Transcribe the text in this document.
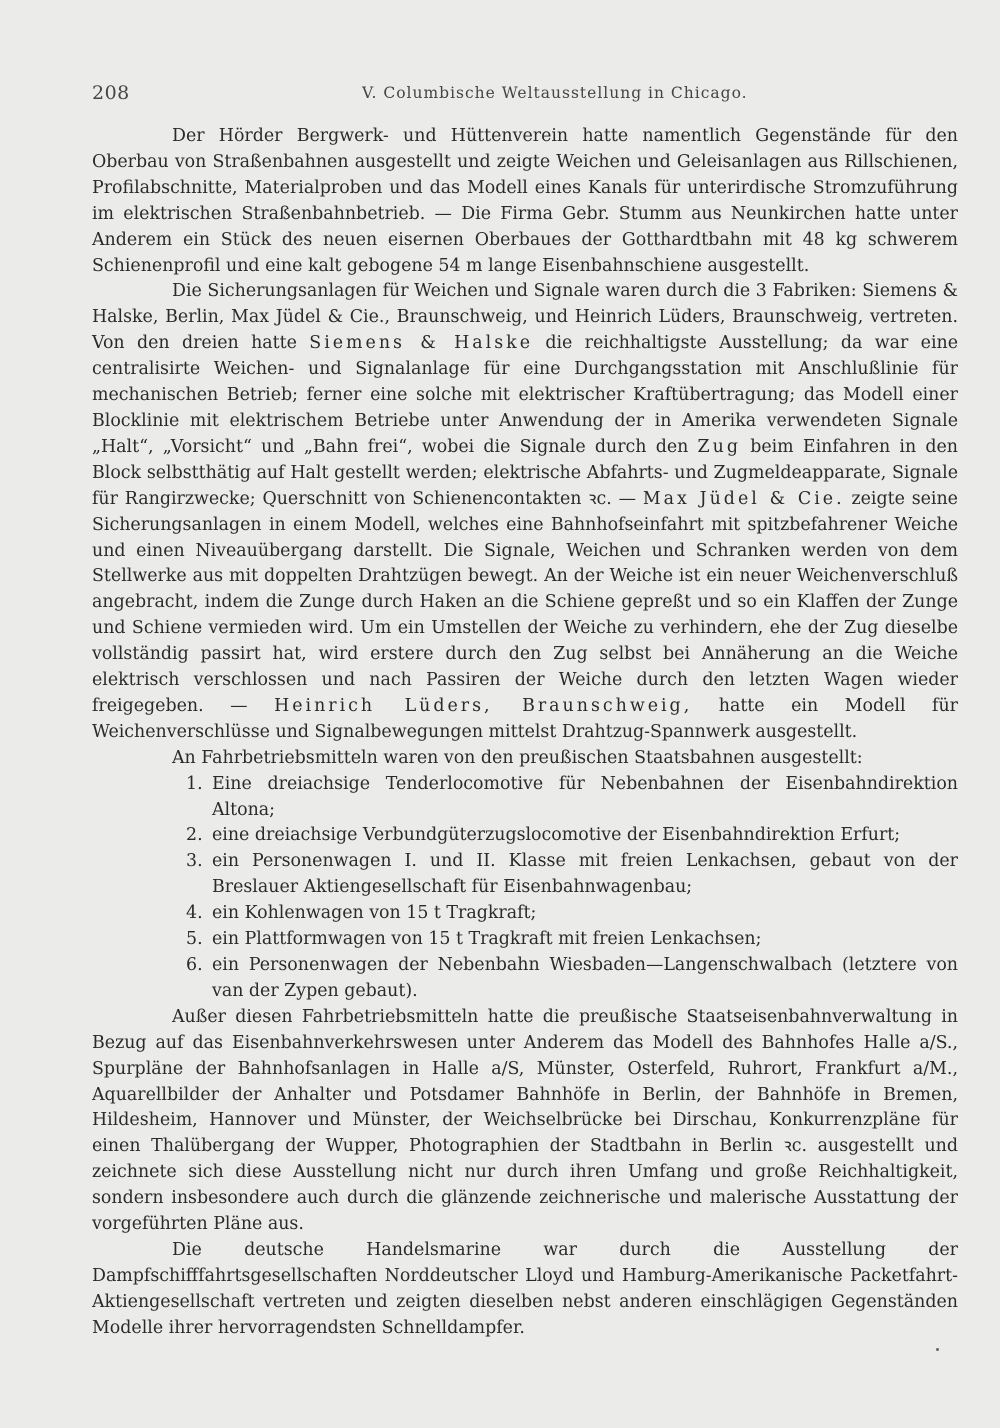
208	V. Columbische Weltausstellung in Chicago.

Der Hörder Bergwerk- und Hüttenverein hatte namentlich Gegenstände für den Oberbau von Straßenbahnen ausgestellt und zeigte Weichen und Geleisanlagen aus Rillschienen, Profilabschnitte, Materialproben und das Modell eines Kanals für unterirdische Stromzuführung im elektrischen Straßenbahnbetrieb. — Die Firma Gebr. Stumm aus Neunkirchen hatte unter Anderem ein Stück des neuen eisernen Oberbaues der Gotthardtbahn mit 48 kg schwerem Schienenprofil und eine kalt gebogene 54 m lange Eisenbahnschiene ausgestellt.

Die Sicherungsanlagen für Weichen und Signale waren durch die 3 Fabriken: Siemens & Halske, Berlin, Max Jüdel & Cie., Braunschweig, und Heinrich Lüders, Braunschweig, vertreten. Von den dreien hatte Siemens & Halske die reichhaltigste Ausstellung; da war eine centralisirte Weichen- und Signalanlage für eine Durchgangsstation mit Anschlußlinie für mechanischen Betrieb; ferner eine solche mit elektrischer Kraftübertragung; das Modell einer Blocklinie mit elektrischem Betriebe unter Anwendung der in Amerika verwendeten Signale „Halt“, „Vorsicht“ und „Bahn frei“, wobei die Signale durch den Zug beim Einfahren in den Block selbstthätig auf Halt gestellt werden; elektrische Abfahrts- und Zugmeldeapparate, Signale für Rangirzwecke; Querschnitt von Schienencontakten ꝛc. — Max Jüdel & Cie. zeigte seine Sicherungsanlagen in einem Modell, welches eine Bahnhofseinfahrt mit spitzbefahrener Weiche und einen Niveauübergang darstellt. Die Signale, Weichen und Schranken werden von dem Stellwerke aus mit doppelten Drahtzügen bewegt. An der Weiche ist ein neuer Weichenverschluß angebracht, indem die Zunge durch Haken an die Schiene gepreßt und so ein Klaffen der Zunge und Schiene vermieden wird. Um ein Umstellen der Weiche zu verhindern, ehe der Zug dieselbe vollständig passirt hat, wird erstere durch den Zug selbst bei Annäherung an die Weiche elektrisch verschlossen und nach Passiren der Weiche durch den letzten Wagen wieder freigegeben. — Heinrich Lüders, Braunschweig, hatte ein Modell für Weichenverschlüsse und Signalbewegungen mittelst Drahtzug-Spannwerk ausgestellt.

An Fahrbetriebsmitteln waren von den preußischen Staatsbahnen ausgestellt:

1. Eine dreiachsige Tenderlocomotive für Nebenbahnen der Eisenbahndirektion Altona;
2. eine dreiachsige Verbundgüterzugslocomotive der Eisenbahndirektion Erfurt;
3. ein Personenwagen I. und II. Klasse mit freien Lenkachsen, gebaut von der Breslauer Aktiengesellschaft für Eisenbahnwagenbau;
4. ein Kohlenwagen von 15 t Tragkraft;
5. ein Plattformwagen von 15 t Tragkraft mit freien Lenkachsen;
6. ein Personenwagen der Nebenbahn Wiesbaden—Langenschwalbach (letztere von van der Zypen gebaut).

Außer diesen Fahrbetriebsmitteln hatte die preußische Staatseisenbahnverwaltung in Bezug auf das Eisenbahnverkehrswesen unter Anderem das Modell des Bahnhofes Halle a/S., Spurpläne der Bahnhofsanlagen in Halle a/S, Münster, Osterfeld, Ruhrort, Frankfurt a/M., Aquarellbilder der Anhalter und Potsdamer Bahnhöfe in Berlin, der Bahnhöfe in Bremen, Hildesheim, Hannover und Münster, der Weichselbrücke bei Dirschau, Konkurrenzpläne für einen Thalübergang der Wupper, Photographien der Stadtbahn in Berlin ꝛc. ausgestellt und zeichnete sich diese Ausstellung nicht nur durch ihren Umfang und große Reichhaltigkeit, sondern insbesondere auch durch die glänzende zeichnerische und malerische Ausstattung der vorgeführten Pläne aus.

Die deutsche Handelsmarine war durch die Ausstellung der Dampfschifffahrtsgesellschaften Norddeutscher Lloyd und Hamburg-Amerikanische Packetfahrt-Aktiengesellschaft vertreten und zeigten dieselben nebst anderen einschlägigen Gegenständen Modelle ihrer hervorragendsten Schnelldampfer.
